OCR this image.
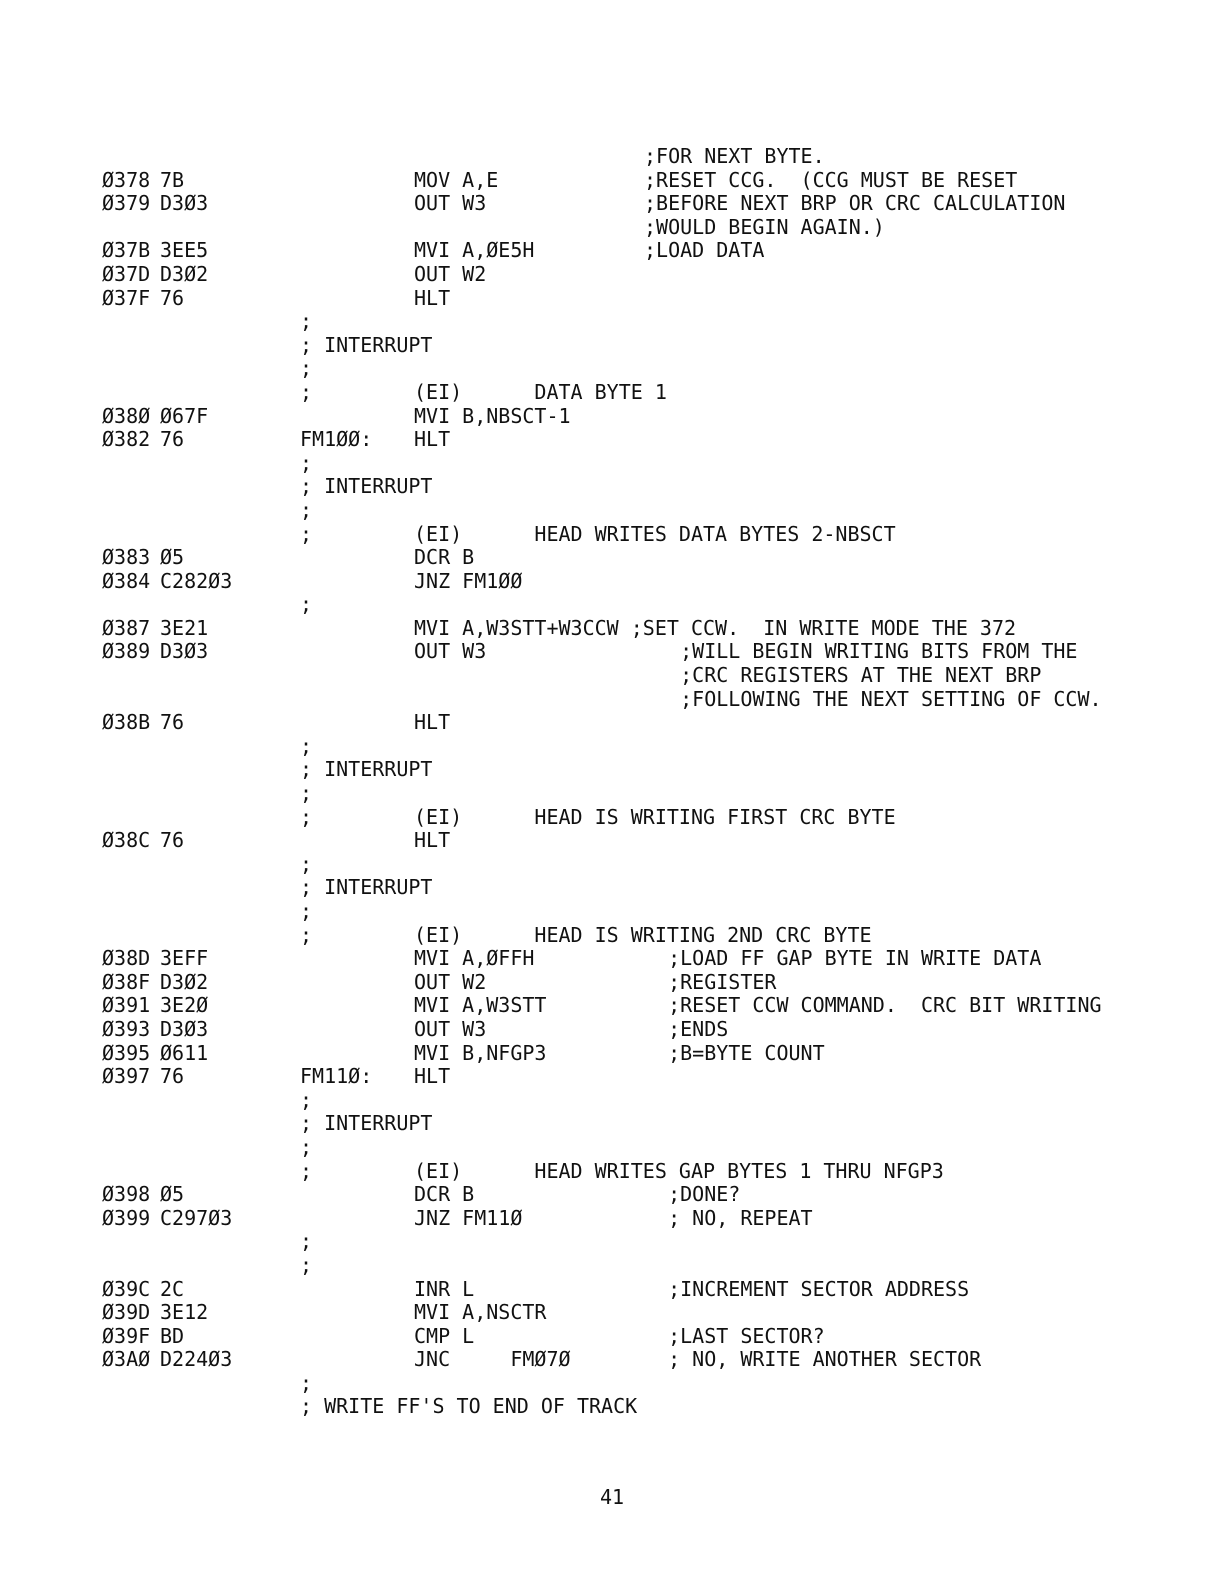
;FOR NEXT BYTE.
Ø378 7B	MOV A,E	;RESET CCG.  (CCG MUST BE RESET
Ø379 D3Ø3	OUT W3	;BEFORE NEXT BRP OR CRC CALCULATION
;WOULD BEGIN AGAIN.)
Ø37B 3EE5	MVI A,ØE5H	;LOAD DATA
Ø37D D3Ø2	OUT W2
Ø37F 76	HLT
;
; INTERRUPT
;
;	(EI)      DATA BYTE 1
Ø38Ø Ø67F	MVI B,NBSCT-1
Ø382 76	FM1ØØ: HLT
;
; INTERRUPT
;
;	(EI)      HEAD WRITES DATA BYTES 2-NBSCT
Ø383 Ø5	DCR B
Ø384 C282Ø3	JNZ FM1ØØ
;
Ø387 3E21	MVI A,W3STT+W3CCW ;SET CCW.  IN WRITE MODE THE 372
Ø389 D3Ø3	OUT W3	;WILL BEGIN WRITING BITS FROM THE
;CRC REGISTERS AT THE NEXT BRP
;FOLLOWING THE NEXT SETTING OF CCW.
Ø38B 76	HLT
;
; INTERRUPT
;
;	(EI)      HEAD IS WRITING FIRST CRC BYTE
Ø38C 76	HLT
;
; INTERRUPT
;
;	(EI)      HEAD IS WRITING 2ND CRC BYTE
Ø38D 3EFF	MVI A,ØFFH	;LOAD FF GAP BYTE IN WRITE DATA
Ø38F D3Ø2	OUT W2	;REGISTER
Ø391 3E2Ø	MVI A,W3STT	;RESET CCW COMMAND.  CRC BIT WRITING
Ø393 D3Ø3	OUT W3	;ENDS
Ø395 Ø611	MVI B,NFGP3	;B=BYTE COUNT
Ø397 76	FM11Ø: HLT
;
; INTERRUPT
;
;	(EI)      HEAD WRITES GAP BYTES 1 THRU NFGP3
Ø398 Ø5	DCR B	;DONE?
Ø399 C297Ø3	JNZ FM11Ø	; NO, REPEAT
;
;
Ø39C 2C	INR L	;INCREMENT SECTOR ADDRESS
Ø39D 3E12	MVI A,NSCTR
Ø39F BD	CMP L	;LAST SECTOR?
Ø3AØ D224Ø3	JNC     FMØ7Ø	; NO, WRITE ANOTHER SECTOR
;
; WRITE FF'S TO END OF TRACK
41
